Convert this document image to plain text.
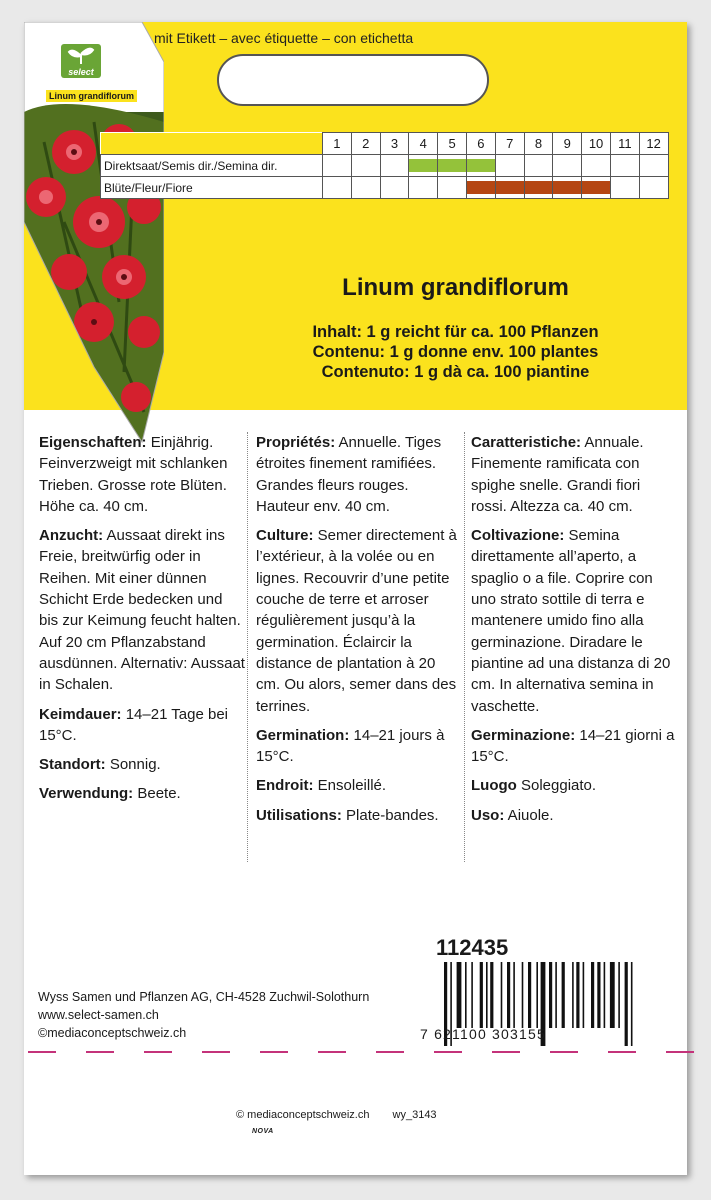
mit Etikett – avec étiquette – con etichetta
select
Linum grandiflorum
	1	2	3	4	5	6	7	8	9	10	11	12
Direktsaat/Semis dir./Semina dir.				

Blüte/Fleur/Fiore						

Linum grandiflorum
Inhalt: 1 g reicht für ca. 100 Pflanzen
Contenu: 1 g donne env. 100 plantes
Contenuto: 1 g dà ca. 100 piantine
Eigenschaften: Einjährig. Feinverzweigt mit schlanken Trieben. Grosse rote Blüten. Höhe ca. 40 cm.
Anzucht: Aussaat direkt ins Freie, breitwürfig oder in Reihen. Mit einer dünnen Schicht Erde bedecken und bis zur Keimung feucht halten. Auf 20 cm Pflanzabstand ausdünnen. Alternativ: Aussaat in Schalen.
Keimdauer: 14–21 Tage bei 15°C.
Standort: Sonnig.
Verwendung: Beete.
Propriétés: Annuelle. Tiges étroites finement ramifiées. Grandes fleurs rouges. Hauteur env. 40 cm.
Culture: Semer directement à l’extérieur, à la volée ou en lignes. Recouvrir d’une petite couche de terre et arroser régulièrement jusqu’à la germination. Éclaircir la distance de plantation à 20 cm. Ou alors, semer dans des terrines.
Germination: 14–21 jours à 15°C.
Endroit: Ensoleillé.
Utilisations: Plate-bandes.
Caratteristiche: Annuale. Finemente ramificata con spighe snelle. Grandi fiori rossi. Altezza ca. 40 cm.
Coltivazione: Semina direttamente all’aperto, a spaglio o a file. Coprire con uno strato sottile di terra e mantenere umido fino alla germinazione. Diradare le piantine ad una distanza di 20 cm. In alternativa semina in vaschette.
Germinazione: 14–21 giorni a 15°C.
Luogo Soleggiato.
Uso: Aiuole.
112435
7 621100 303155
Wyss Samen und Pflanzen AG, CH-4528 Zuchwil-Solothurn
www.select-samen.ch
©mediaconceptschweiz.ch
© mediaconceptschweiz.ch wy_3143
NOVA
